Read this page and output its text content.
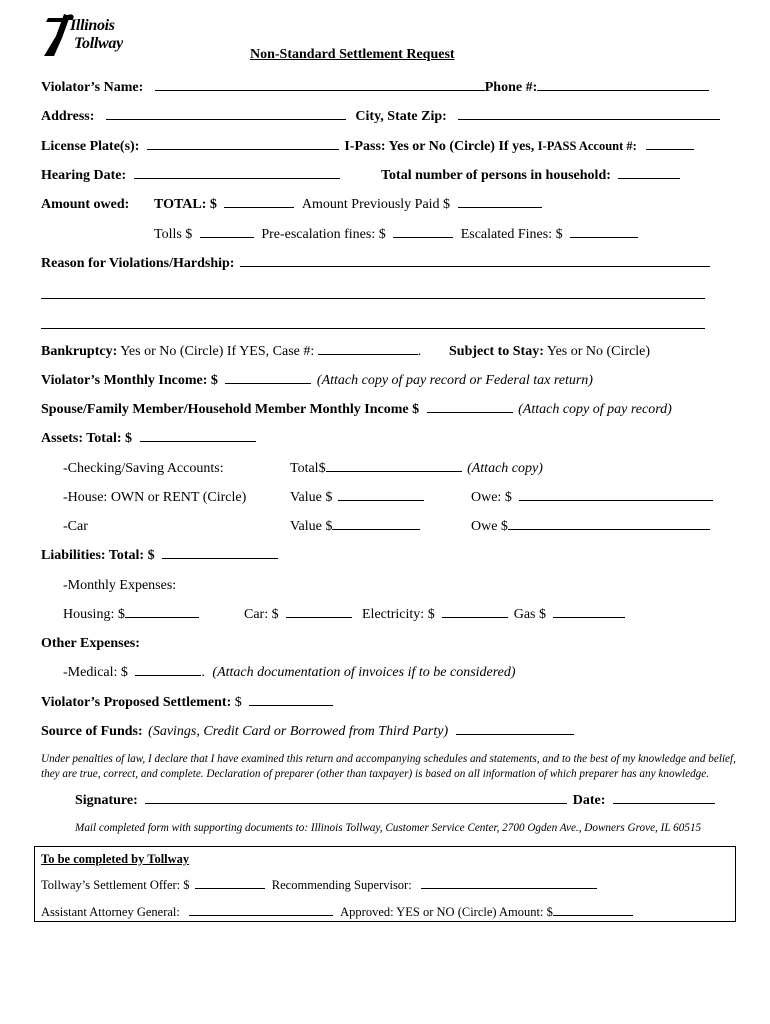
Illinois
Tollway
Non-Standard Settlement Request
Violator’s Name:	Phone #:
Address:	City, State Zip:
License Plate(s):	I-Pass: Yes or No (Circle) If yes, I-PASS Account #:
Hearing Date:	Total number of persons in household:
Amount owed: TOTAL: $	Amount Previously Paid $
Tolls $	Pre-escalation fines: $	Escalated Fines: $
Reason for Violations/Hardship:
Bankruptcy: Yes or No (Circle) If YES, Case #:	. Subject to Stay: Yes or No (Circle)
Violator’s Monthly Income: $	(Attach copy of pay record or Federal tax return)
Spouse/Family Member/Household Member Monthly Income $	(Attach copy of pay record)
Assets: Total: $
-Checking/Saving Accounts:	Total$	(Attach copy)
-House: OWN or RENT (Circle)	Value $	Owe: $
-Car	Value $	Owe $
Liabilities: Total: $
-Monthly Expenses:
Housing: $	Car: $	Electricity: $	Gas $
Other Expenses:
-Medical: $	. (Attach documentation of invoices if to be considered)
Violator’s Proposed Settlement: $
Source of Funds: (Savings, Credit Card or Borrowed from Third Party)
Under penalties of law, I declare that I have examined this return and accompanying schedules and statements, and to the best of my knowledge and belief, they are true, correct, and complete. Declaration of preparer (other than taxpayer) is based on all information of which preparer has any knowledge.
Signature:	Date:
Mail completed form with supporting documents to: Illinois Tollway, Customer Service Center, 2700 Ogden Ave., Downers Grove, IL 60515
To be completed by Tollway
Tollway’s Settlement Offer: $	Recommending Supervisor:
Assistant Attorney General:	Approved: YES or NO (Circle) Amount: $
